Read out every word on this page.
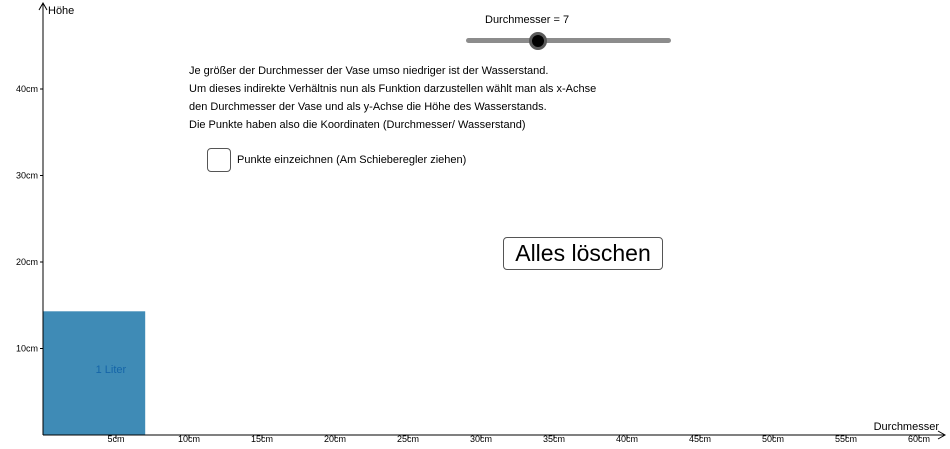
1 Liter
5cm	10cm	15cm	20cm	25cm	30cm	35cm	40cm	45cm	50cm	55cm	60cm
10cm
20cm
30cm
40cm
Höhe
Durchmesser
Durchmesser = 7
Je größer der Durchmesser der Vase umso niedriger ist der Wasserstand.
Um dieses indirekte Verhältnis nun als Funktion darzustellen wählt man als x-Achse
den Durchmesser der Vase und als y-Achse die Höhe des Wasserstands.
Die Punkte haben also die Koordinaten (Durchmesser/ Wasserstand)
Punkte einzeichnen (Am Schieberegler ziehen)
Alles löschen
